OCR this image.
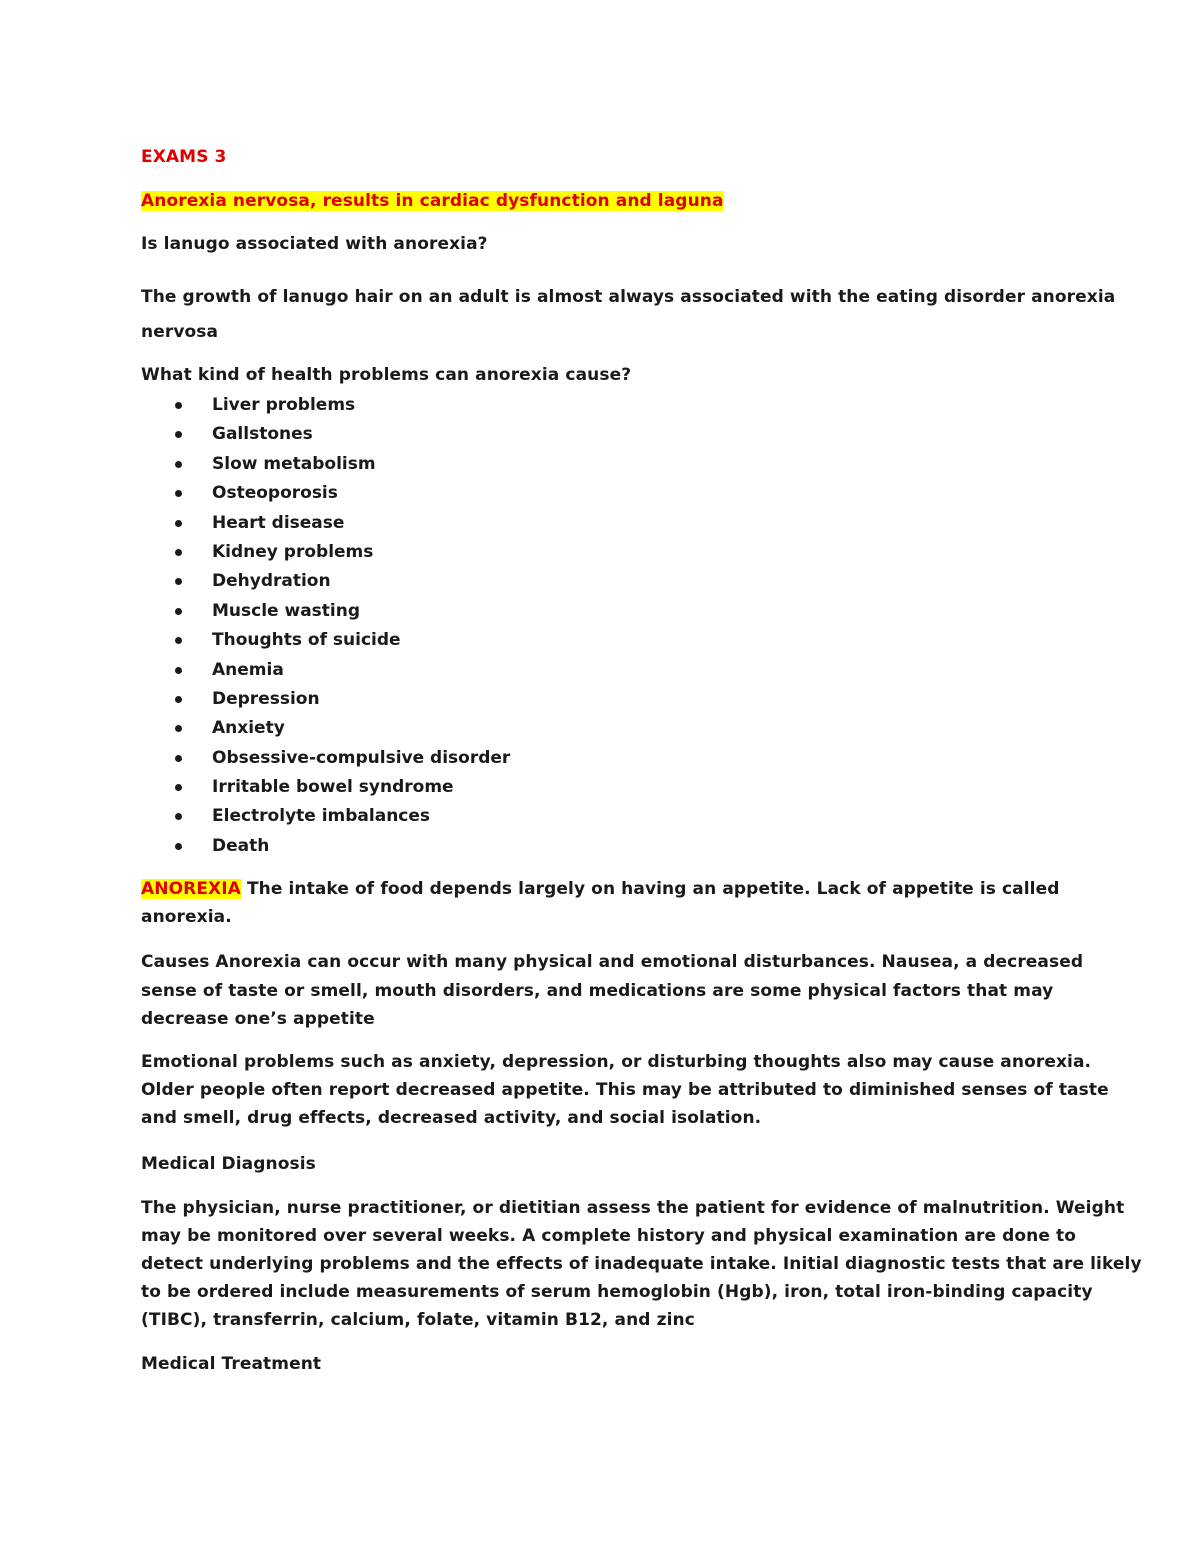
EXAMS 3
Anorexia nervosa, results in cardiac dysfunction and laguna
Is lanugo associated with anorexia?
The growth of lanugo hair on an adult is almost always associated with the eating disorder anorexia
nervosa
What kind of health problems can anorexia cause?
Liver problems
Gallstones
Slow metabolism
Osteoporosis
Heart disease
Kidney problems
Dehydration
Muscle wasting
Thoughts of suicide
Anemia
Depression
Anxiety
Obsessive-compulsive disorder
Irritable bowel syndrome
Electrolyte imbalances
Death
ANOREXIA The intake of food depends largely on having an appetite. Lack of appetite is called
anorexia.
Causes Anorexia can occur with many physical and emotional disturbances. Nausea, a decreased
sense of taste or smell, mouth disorders, and medications are some physical factors that may
decrease one’s appetite
Emotional problems such as anxiety, depression, or disturbing thoughts also may cause anorexia.
Older people often report decreased appetite. This may be attributed to diminished senses of taste
and smell, drug effects, decreased activity, and social isolation.
Medical Diagnosis
The physician, nurse practitioner, or dietitian assess the patient for evidence of malnutrition. Weight
may be monitored over several weeks. A complete history and physical examination are done to
detect underlying problems and the effects of inadequate intake. Initial diagnostic tests that are likely
to be ordered include measurements of serum hemoglobin (Hgb), iron, total iron-binding capacity
(TIBC), transferrin, calcium, folate, vitamin B12, and zinc
Medical Treatment
